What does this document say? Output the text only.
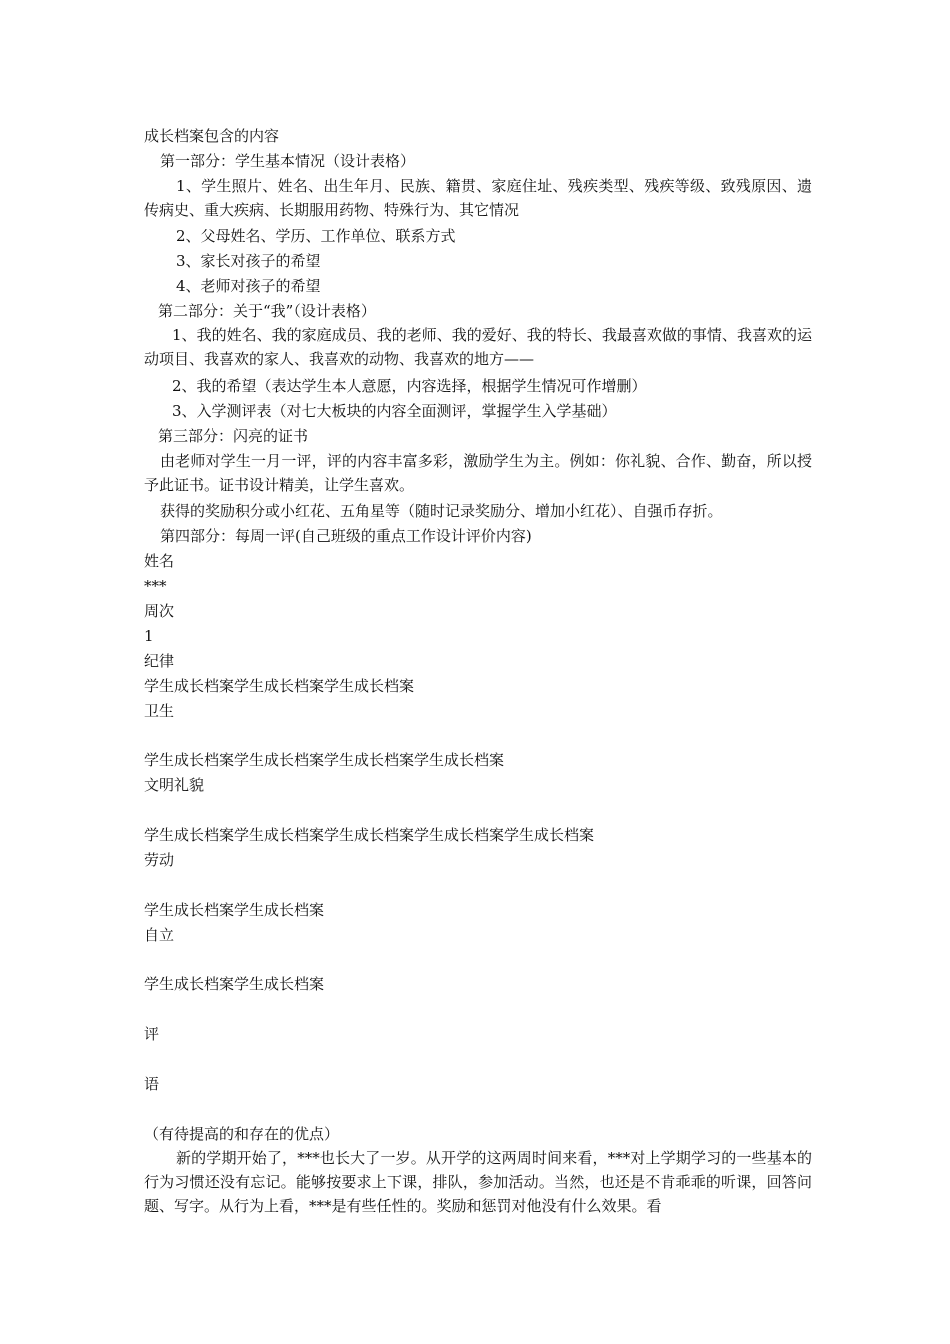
成长档案包含的内容
第一部分：学生基本情况（设计表格）
1、学生照片、姓名、出生年月、民族、籍贯、家庭住址、残疾类型、残疾等级、致残原因、遗传病史、重大疾病、长期服用药物、特殊行为、其它情况
2、父母姓名、学历、工作单位、联系方式
3、家长对孩子的希望
4、老师对孩子的希望
第二部分：关于“我”（设计表格）
1、我的姓名、我的家庭成员、我的老师、我的爱好、我的特长、我最喜欢做的事情、我喜欢的运动项目、我喜欢的家人、我喜欢的动物、我喜欢的地方——
2、我的希望（表达学生本人意愿，内容选择，根据学生情况可作增删）
3、入学测评表（对七大板块的内容全面测评，掌握学生入学基础）
第三部分：闪亮的证书
由老师对学生一月一评，评的内容丰富多彩，激励学生为主。例如：你礼貌、合作、勤奋，所以授予此证书。证书设计精美，让学生喜欢。
获得的奖励积分或小红花、五角星等（随时记录奖励分、增加小红花）、自强币存折。
第四部分：每周一评(自己班级的重点工作设计评价内容)
姓名
***
周次
1
纪律
学生成长档案学生成长档案学生成长档案
卫生
学生成长档案学生成长档案学生成长档案学生成长档案
文明礼貌
学生成长档案学生成长档案学生成长档案学生成长档案学生成长档案
劳动
学生成长档案学生成长档案
自立
学生成长档案学生成长档案
评
语
（有待提高的和存在的优点）
新的学期开始了，***也长大了一岁。从开学的这两周时间来看，***对上学期学习的一些基本的行为习惯还没有忘记。能够按要求上下课，排队，参加活动。当然，也还是不肯乖乖的听课，回答问题、写字。从行为上看，***是有些任性的。奖励和惩罚对他没有什么效果。看
